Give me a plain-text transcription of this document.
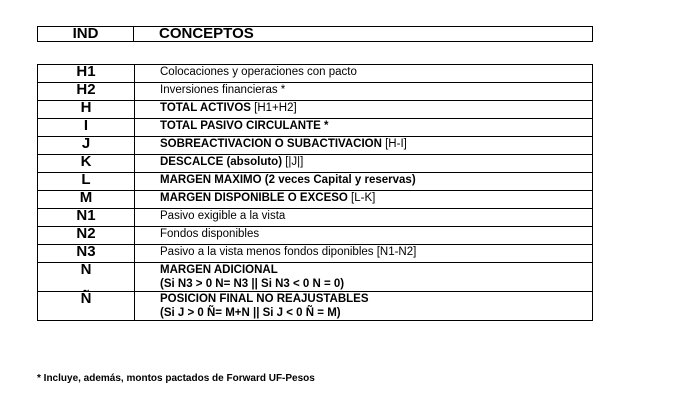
IND	CONCEPTOS
H1	Colocaciones y operaciones con pacto
H2	Inversiones financieras *
H	TOTAL ACTIVOS [H1+H2]
I	TOTAL PASIVO CIRCULANTE *
J	SOBREACTIVACION O SUBACTIVACION [H-I]
K	DESCALCE (absoluto) [|J|]
L	MARGEN MAXIMO (2 veces Capital y reservas)
M	MARGEN DISPONIBLE O EXCESO [L-K]
N1	Pasivo exigible a la vista
N2	Fondos disponibles
N3	Pasivo a la vista menos fondos diponibles [N1-N2]
N	MARGEN ADICIONAL
(Si N3 > 0 N= N3 || Si N3 < 0 N = 0)

Ñ	POSICION FINAL NO REAJUSTABLES
(Si J > 0 Ñ= M+N || Si J < 0 Ñ = M)
* Incluye, además, montos pactados de Forward UF-Pesos
